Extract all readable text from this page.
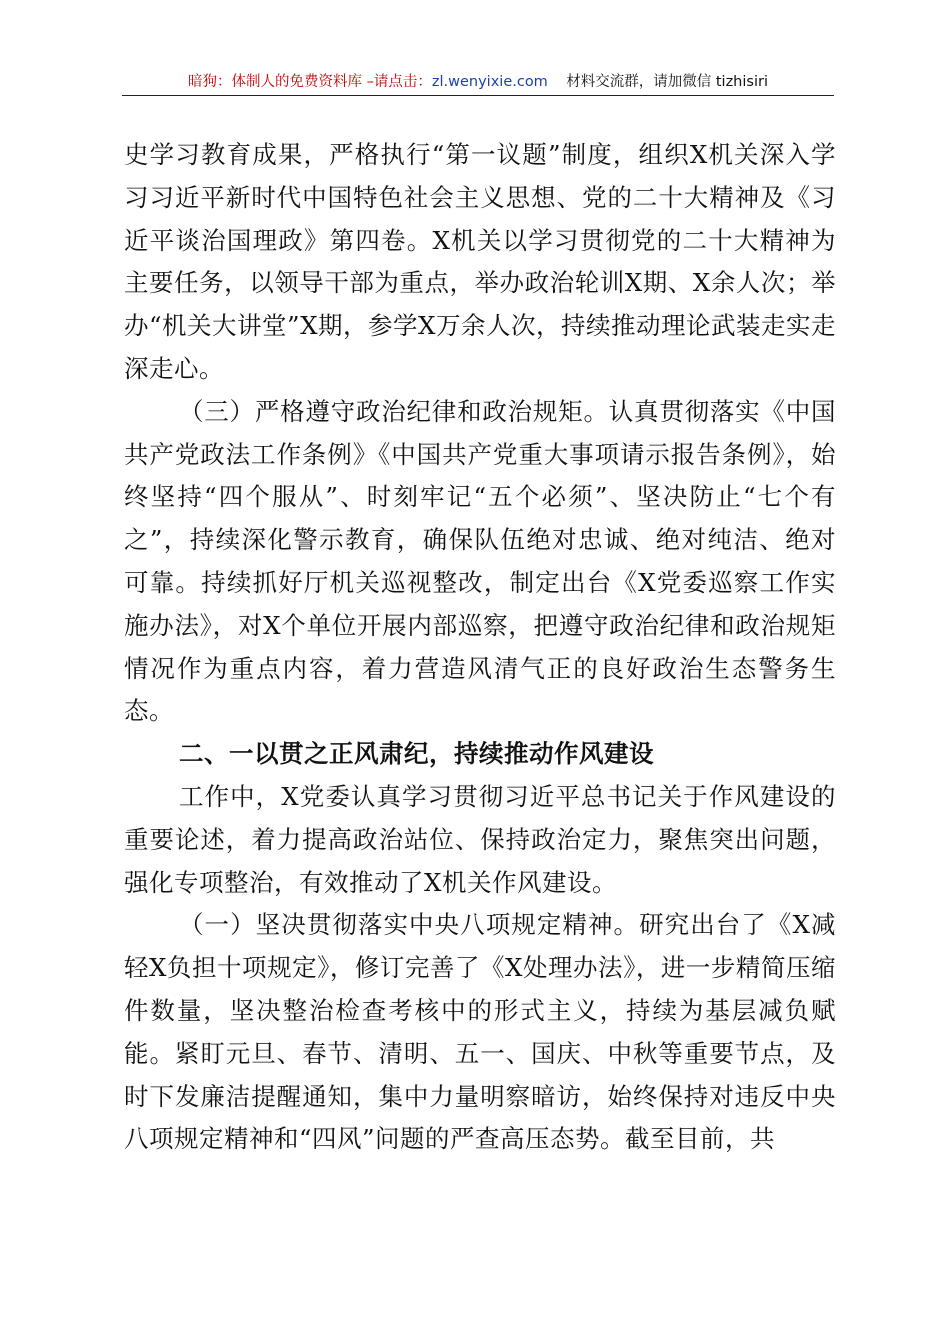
暗狗：体制人的免费资料库 –请点击：zl.wenyixie.com 材料交流群，请加微信 tizhisiri

史学习教育成果，严格执行“第一议题”制度，组织X机关深入学习习近平新时代中国特色社会主义思想、党的二十大精神及《习近平谈治国理政》第四卷。X机关以学习贯彻党的二十大精神为主要任务，以领导干部为重点，举办政治轮训X期、X余人次；举办“机关大讲堂”X期，参学X万余人次，持续推动理论武装走实走深走心。

（三）严格遵守政治纪律和政治规矩。认真贯彻落实《中国共产党政法工作条例》《中国共产党重大事项请示报告条例》，始终坚持“四个服从”、时刻牢记“五个必须”、坚决防止“七个有之”，持续深化警示教育，确保队伍绝对忠诚、绝对纯洁、绝对可靠。持续抓好厅机关巡视整改，制定出台《X党委巡察工作实施办法》，对X个单位开展内部巡察，把遵守政治纪律和政治规矩情况作为重点内容，着力营造风清气正的良好政治生态警务生态。

二、一以贯之正风肃纪，持续推动作风建设

工作中，X党委认真学习贯彻习近平总书记关于作风建设的重要论述，着力提高政治站位、保持政治定力，聚焦突出问题，强化专项整治，有效推动了X机关作风建设。

（一）坚决贯彻落实中央八项规定精神。研究出台了《X减轻X负担十项规定》，修订完善了《X处理办法》，进一步精简压缩件数量，坚决整治检查考核中的形式主义，持续为基层减负赋能。紧盯元旦、春节、清明、五一、国庆、中秋等重要节点，及时下发廉洁提醒通知，集中力量明察暗访，始终保持对违反中央八项规定精神和“四风”问题的严查高压态势。截至目前，共
